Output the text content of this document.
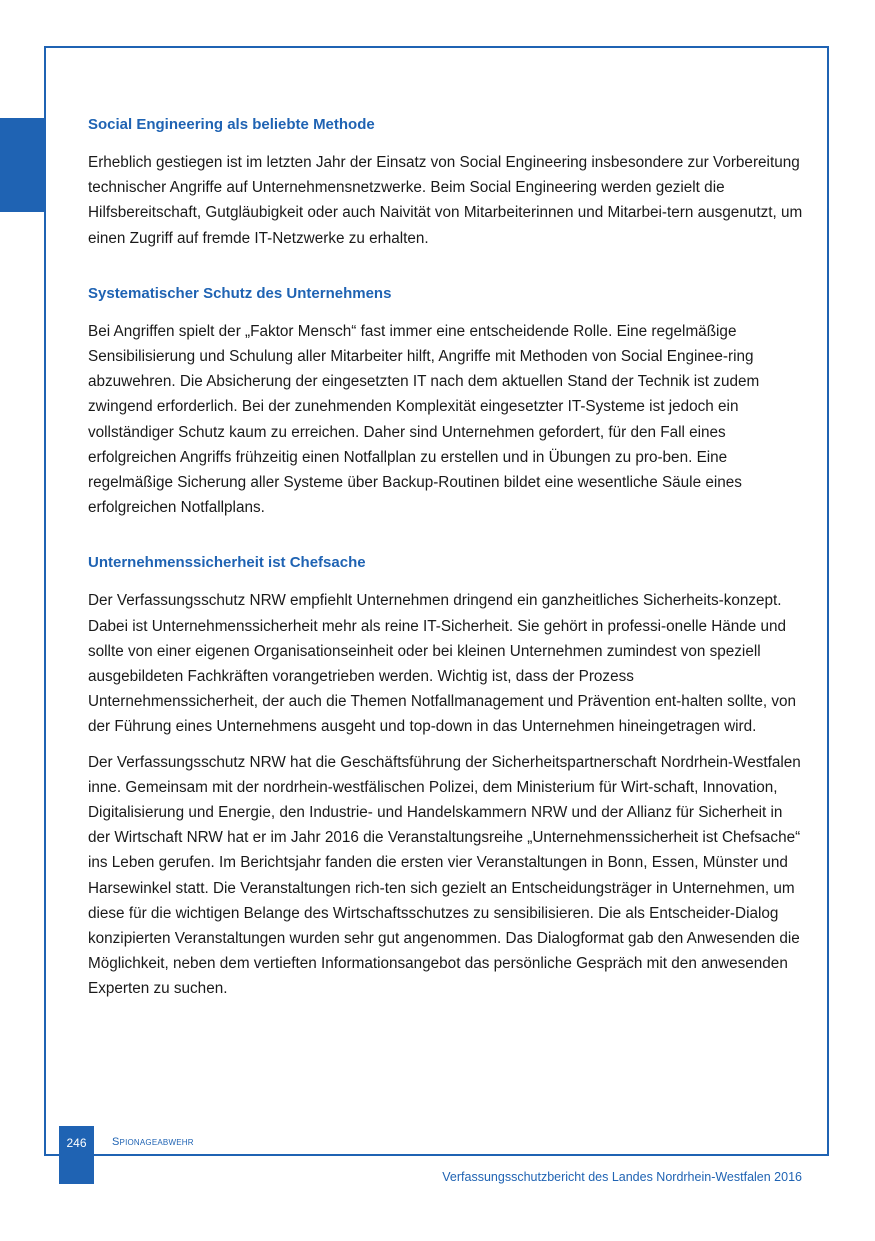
Social Engineering als beliebte Methode

Erheblich gestiegen ist im letzten Jahr der Einsatz von Social Engineering insbesondere zur Vorbereitung technischer Angriffe auf Unternehmensnetzwerke. Beim Social Engineering werden gezielt die Hilfsbereitschaft, Gutgläubigkeit oder auch Naivität von Mitarbeiterinnen und Mitarbei-tern ausgenutzt, um einen Zugriff auf fremde IT-Netzwerke zu erhalten.

Systematischer Schutz des Unternehmens

Bei Angriffen spielt der „Faktor Mensch“ fast immer eine entscheidende Rolle. Eine regelmäßige Sensibilisierung und Schulung aller Mitarbeiter hilft, Angriffe mit Methoden von Social Enginee-ring abzuwehren. Die Absicherung der eingesetzten IT nach dem aktuellen Stand der Technik ist zudem zwingend erforderlich. Bei der zunehmenden Komplexität eingesetzter IT-Systeme ist jedoch ein vollständiger Schutz kaum zu erreichen. Daher sind Unternehmen gefordert, für den Fall eines erfolgreichen Angriffs frühzeitig einen Notfallplan zu erstellen und in Übungen zu pro-ben. Eine regelmäßige Sicherung aller Systeme über Backup-Routinen bildet eine wesentliche Säule eines erfolgreichen Notfallplans.

Unternehmenssicherheit ist Chefsache

Der Verfassungsschutz NRW empfiehlt Unternehmen dringend ein ganzheitliches Sicherheits-konzept. Dabei ist Unternehmenssicherheit mehr als reine IT-Sicherheit. Sie gehört in professi-onelle Hände und sollte von einer eigenen Organisationseinheit oder bei kleinen Unternehmen zumindest von speziell ausgebildeten Fachkräften vorangetrieben werden. Wichtig ist, dass der Prozess Unternehmenssicherheit, der auch die Themen Notfallmanagement und Prävention ent-halten sollte, von der Führung eines Unternehmens ausgeht und top-down in das Unternehmen hineingetragen wird.

Der Verfassungsschutz NRW hat die Geschäftsführung der Sicherheitspartnerschaft Nordrhein-Westfalen inne. Gemeinsam mit der nordrhein-westfälischen Polizei, dem Ministerium für Wirt-schaft, Innovation, Digitalisierung und Energie, den Industrie- und Handelskammern NRW und der Allianz für Sicherheit in der Wirtschaft NRW hat er im Jahr 2016 die Veranstaltungsreihe „Unternehmenssicherheit ist Chefsache“ ins Leben gerufen. Im Berichtsjahr fanden die ersten vier Veranstaltungen in Bonn, Essen, Münster und Harsewinkel statt. Die Veranstaltungen rich-ten sich gezielt an Entscheidungsträger in Unternehmen, um diese für die wichtigen Belange des Wirtschaftsschutzes zu sensibilisieren. Die als Entscheider-Dialog konzipierten Veranstaltungen wurden sehr gut angenommen. Das Dialogformat gab den Anwesenden die Möglichkeit, neben dem vertieften Informationsangebot das persönliche Gespräch mit den anwesenden Experten zu suchen.

246	Spionageabwehr
Verfassungsschutzbericht des Landes Nordrhein-Westfalen 2016
